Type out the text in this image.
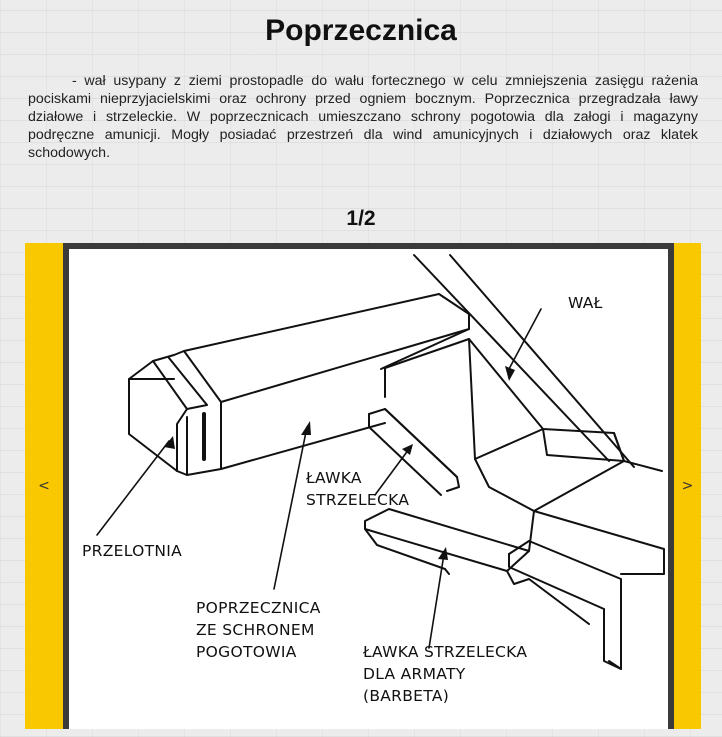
Poprzecznica
- wał usypany z ziemi prostopadle do wału fortecznego w celu zmniejszenia zasięgu rażenia pociskami nieprzyjacielskimi oraz ochrony przed ogniem bocznym. Poprzecznica przegradzała ławy działowe i strzeleckie. W poprzecznicach umieszczano schrony pogotowia dla załogi i magazyny podręczne amunicji. Mogły posiadać przestrzeń dla wind amunicyjnych i działowych oraz klatek schodowych.
1/2
<
WAŁ
ŁAWKA
STRZELECKA
PRZELOTNIA
POPRZECZNICA
ZE SCHRONEM
POGOTOWIA	ŁAWKA STRZELECKA
DLA ARMATY
(BARBETA)
>
